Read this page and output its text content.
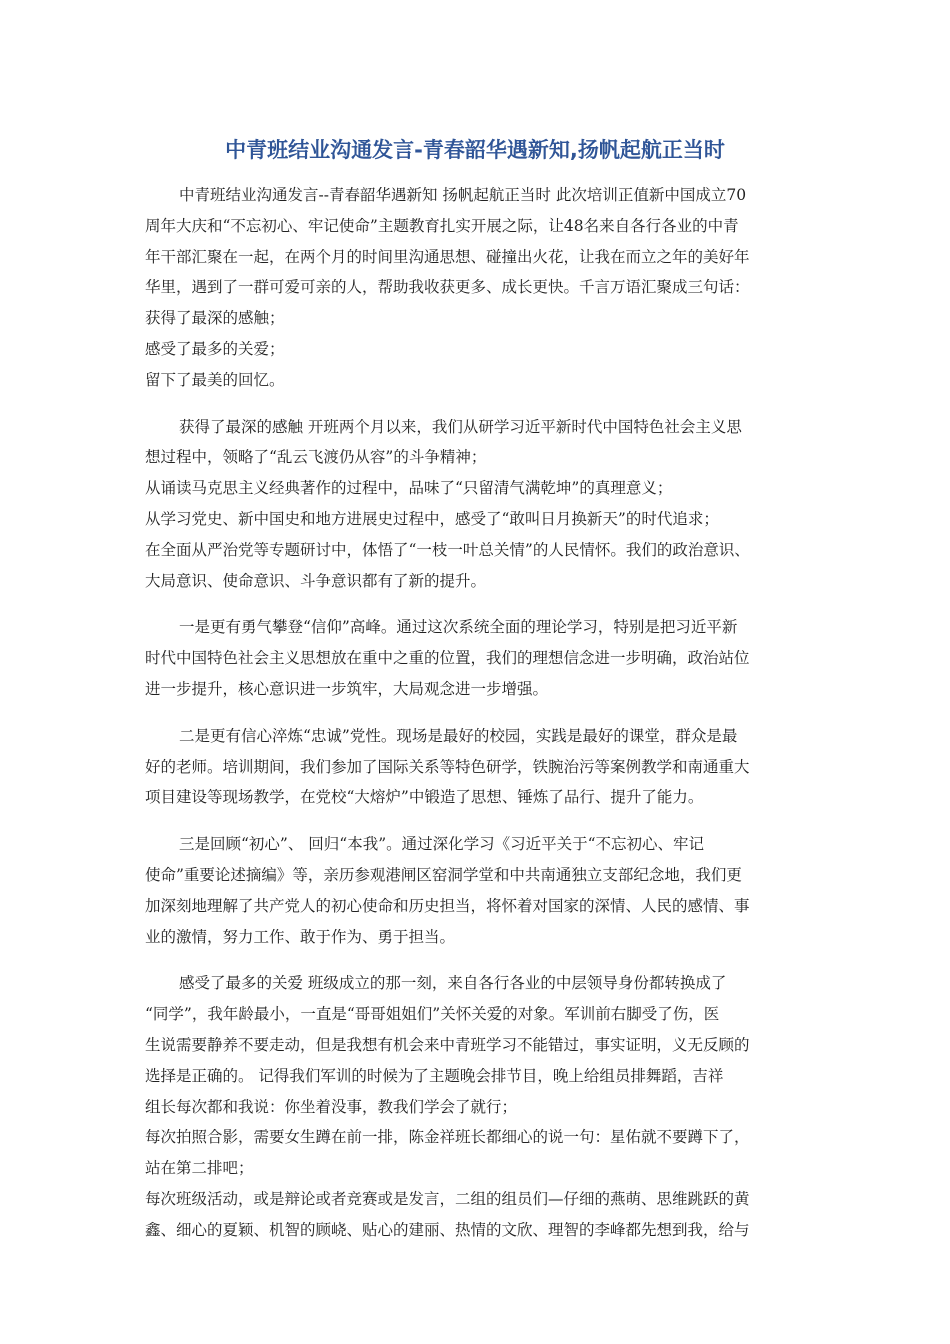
中青班结业沟通发言-青春韶华遇新知,扬帆起航正当时
中青班结业沟通发言--青春韶华遇新知 扬帆起航正当时 此次培训正值新中国成立70
周年大庆和“不忘初心、牢记使命”主题教育扎实开展之际，让48名来自各行各业的中青
年干部汇聚在一起，在两个月的时间里沟通思想、碰撞出火花，让我在而立之年的美好年
华里，遇到了一群可爱可亲的人，帮助我收获更多、成长更快。千言万语汇聚成三句话：
获得了最深的感触；
感受了最多的关爱；
留下了最美的回忆。
获得了最深的感触 开班两个月以来，我们从研学习近平新时代中国特色社会主义思
想过程中，领略了“乱云飞渡仍从容”的斗争精神；
从诵读马克思主义经典著作的过程中，品味了“只留清气满乾坤”的真理意义；
从学习党史、新中国史和地方进展史过程中，感受了“敢叫日月换新天”的时代追求；
在全面从严治党等专题研讨中，体悟了“一枝一叶总关情”的人民情怀。我们的政治意识、
大局意识、使命意识、斗争意识都有了新的提升。
一是更有勇气攀登“信仰”高峰。通过这次系统全面的理论学习，特别是把习近平新
时代中国特色社会主义思想放在重中之重的位置，我们的理想信念进一步明确，政治站位
进一步提升，核心意识进一步筑牢，大局观念进一步增强。
二是更有信心淬炼“忠诚”党性。现场是最好的校园，实践是最好的课堂，群众是最
好的老师。培训期间，我们参加了国际关系等特色研学，铁腕治污等案例教学和南通重大
项目建设等现场教学，在党校“大熔炉”中锻造了思想、锤炼了品行、提升了能力。
三是回顾“初心”、 回归“本我”。通过深化学习《习近平关于“不忘初心、牢记
使命”重要论述摘编》等，亲历参观港闸区窑洞学堂和中共南通独立支部纪念地，我们更
加深刻地理解了共产党人的初心使命和历史担当，将怀着对国家的深情、人民的感情、事
业的激情，努力工作、敢于作为、勇于担当。
感受了最多的关爱 班级成立的那一刻，来自各行各业的中层领导身份都转换成了
“同学”，我年龄最小，一直是“哥哥姐姐们”关怀关爱的对象。军训前右脚受了伤，医
生说需要静养不要走动，但是我想有机会来中青班学习不能错过，事实证明，义无反顾的
选择是正确的。 记得我们军训的时候为了主题晚会排节目，晚上给组员排舞蹈，吉祥
组长每次都和我说：你坐着没事，教我们学会了就行；
每次拍照合影，需要女生蹲在前一排，陈金祥班长都细心的说一句：星佑就不要蹲下了，
站在第二排吧；
每次班级活动，或是辩论或者竞赛或是发言，二组的组员们—仔细的燕萌、思维跳跃的黄
鑫、细心的夏颖、机智的顾峣、贴心的建丽、热情的文欣、理智的李峰都先想到我，给与
